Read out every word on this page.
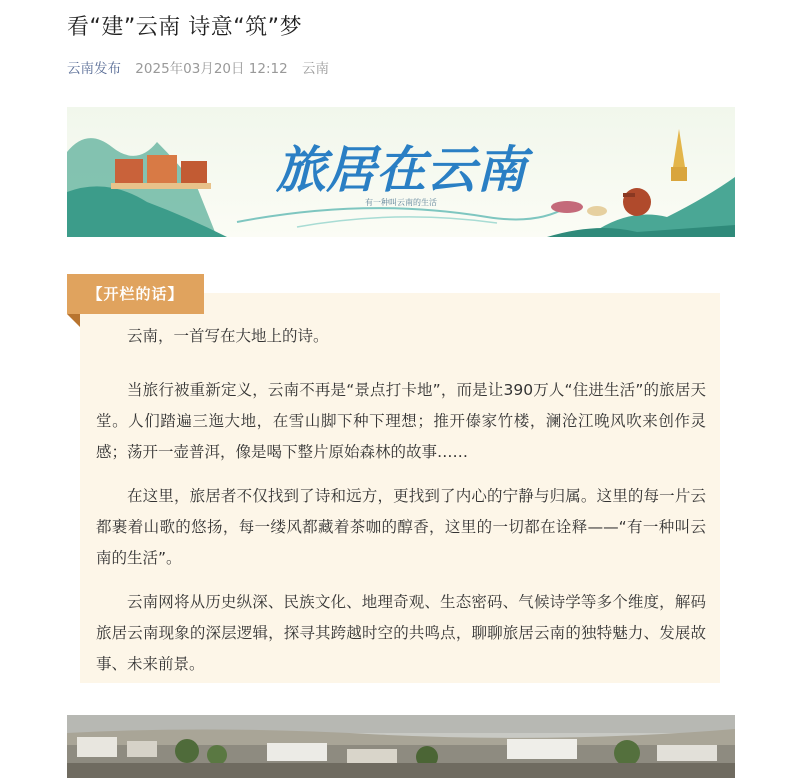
看“建”云南 诗意“筑”梦
云南发布 2025年03月20日 12:12 云南
旅居在云南
有一种叫云南的生活
【开栏的话】

云南，一首写在大地上的诗。

当旅行被重新定义，云南不再是“景点打卡地”，而是让390万人“住进生活”的旅居天堂。人们踏遍三迤大地，在雪山脚下种下理想；推开傣家竹楼，澜沧江晚风吹来创作灵感；荡开一壶普洱，像是喝下整片原始森林的故事……

在这里，旅居者不仅找到了诗和远方，更找到了内心的宁静与归属。这里的每一片云都裹着山歌的悠扬，每一缕风都藏着茶咖的醇香，这里的一切都在诠释——“有一种叫云南的生活”。

云南网将从历史纵深、民族文化、地理奇观、生态密码、气候诗学等多个维度，解码旅居云南现象的深层逻辑，探寻其跨越时空的共鸣点，聊聊旅居云南的独特魅力、发展故事、未来前景。
